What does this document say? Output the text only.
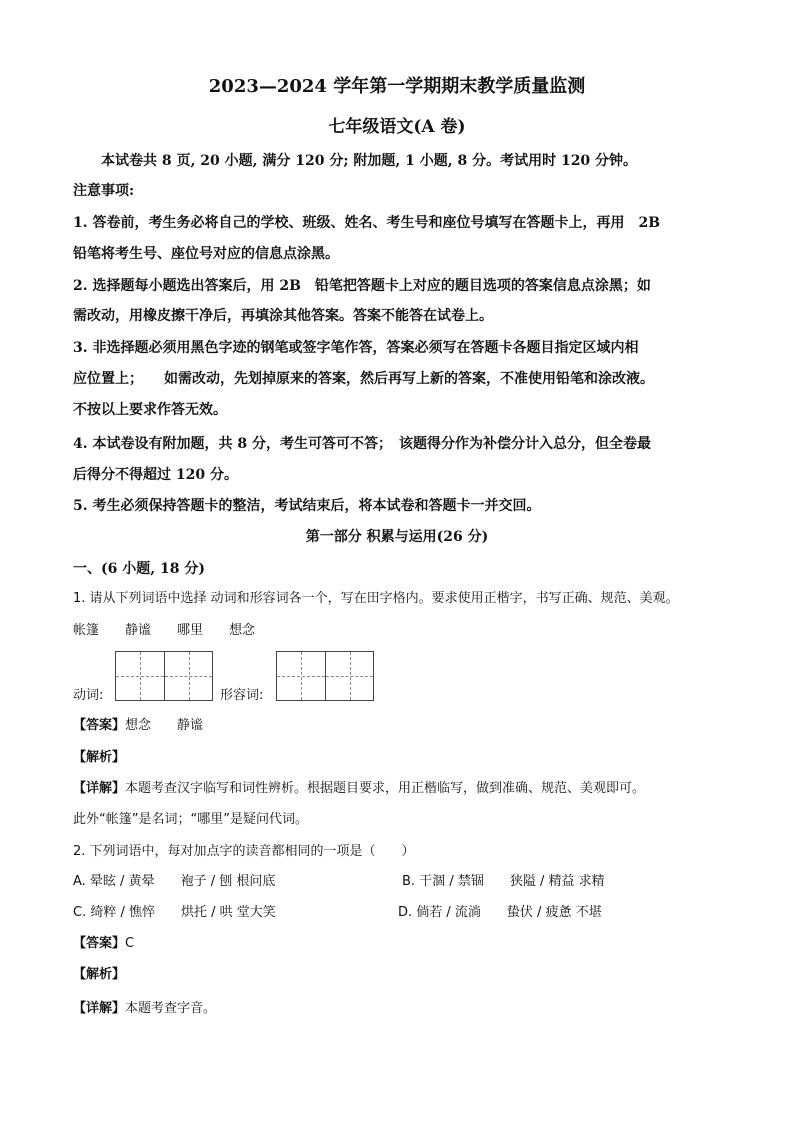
2023—2024 学年第一学期期末教学质量监测
七年级语文(A 卷)
本试卷共 8 页, 20 小题, 满分 120 分; 附加题, 1 小题, 8 分。考试用时 120 分钟。
注意事项:
1. 答卷前，考生务必将自己的学校、班级、姓名、考生号和座位号填写在答题卡上，再用　2B
铅笔将考生号、座位号对应的信息点涂黑。
2. 选择题每小题选出答案后，用 2B　铅笔把答题卡上对应的题目选项的答案信息点涂黑；如
需改动，用橡皮擦干净后，再填涂其他答案。答案不能答在试卷上。
3. 非选择题必须用黑色字迹的钢笔或签字笔作答，答案必须写在答题卡各题目指定区域内相
应位置上；　　如需改动，先划掉原来的答案，然后再写上新的答案，不准使用铅笔和涂改液。
不按以上要求作答无效。
4. 本试卷设有附加题，共 8 分，考生可答可不答；　该题得分作为补偿分计入总分，但全卷最
后得分不得超过 120 分。
5. 考生必须保持答题卡的整洁，考试结束后，将本试卷和答题卡一并交回。
第一部分 积累与运用(26 分)
一、(6 小题, 18 分)
1. 请从下列词语中选择 动词和形容词各一个，写在田字格内。要求使用正楷字，书写正确、规范、美观。
帐篷　　静谧　　哪里　　想念
动词:	形容词:
【答案】想念　　静谧
【解析】
【详解】本题考查汉字临写和词性辨析。根据题目要求，用正楷临写，做到准确、规范、美观即可。
此外“帐篷”是名词；“哪里”是疑问代词。
2. 下列词语中，每对加点字的读音都相同的一项是（　　）
A. 晕眩 / 黄晕　　袍子 / 刨 根问底	B. 干涸 / 禁锢　　狭隘 / 精益 求精
C. 绮粹 / 憔悴　　烘托 / 哄 堂大笑	D. 倘若 / 流淌　　蛰伏 / 疲惫 不堪
【答案】C
【解析】
【详解】本题考查字音。
